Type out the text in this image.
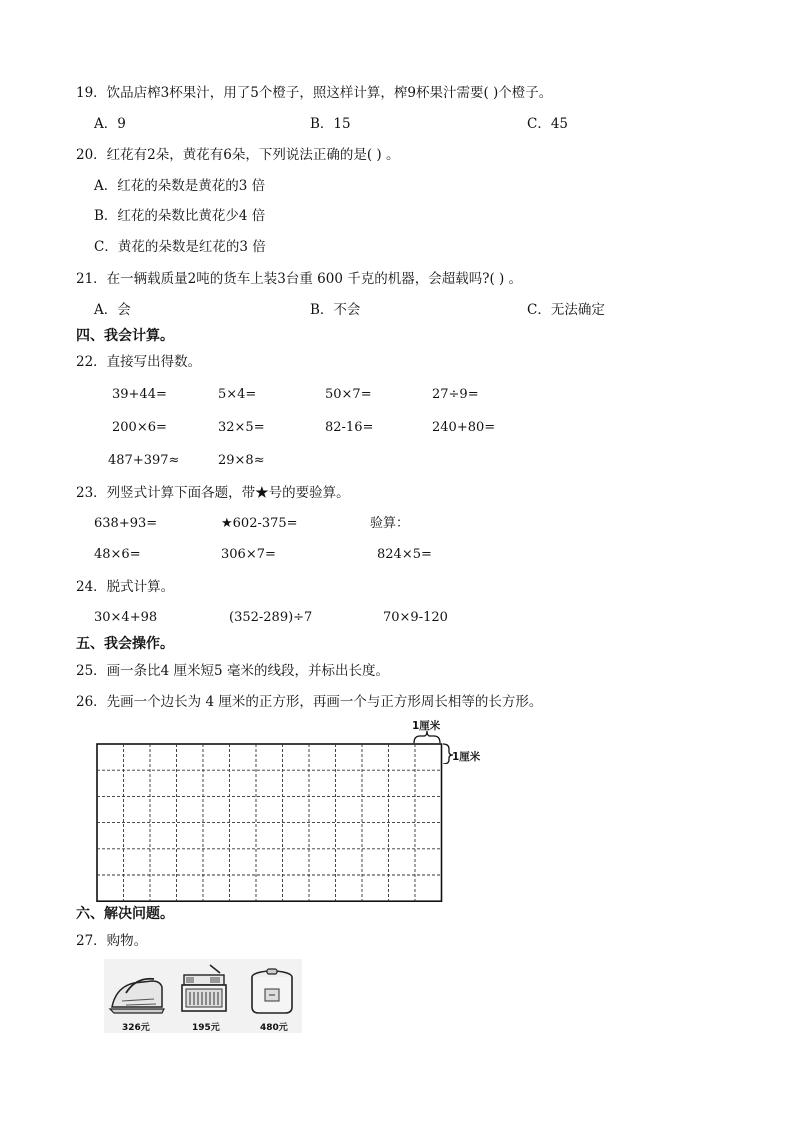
19．饮品店榨3杯果汁，用了5个橙子，照这样计算，榨9杯果汁需要( )个橙子。
A．9	B．15	C．45
20．红花有2朵，黄花有6朵，下列说法正确的是( ) 。
A．红花的朵数是黄花的3 倍
B．红花的朵数比黄花少4 倍
C．黄花的朵数是红花的3 倍
21．在一辆载质量2吨的货车上装3台重 600 千克的机器，会超载吗?( ) 。
A．会	B．不会	C．无法确定
四、我会计算。
22．直接写出得数。
39+44=	5×4=	50×7=	27÷9=
200×6=	32×5=	82-16=	240+80=
487+397≈	29×8≈
23．列竖式计算下面各题，带★号的要验算。
638+93=	★602-375=	验算：
48×6=	306×7=	824×5=
24．脱式计算。
30×4+98	(352-289)÷7	70×9-120
五、我会操作。
25．画一条比4 厘米短5 毫米的线段，并标出长度。
26．先画一个边长为 4 厘米的正方形，再画一个与正方形周长相等的长方形。
1厘米
1厘米
六、解决问题。
27．购物。
326元	195元	480元
